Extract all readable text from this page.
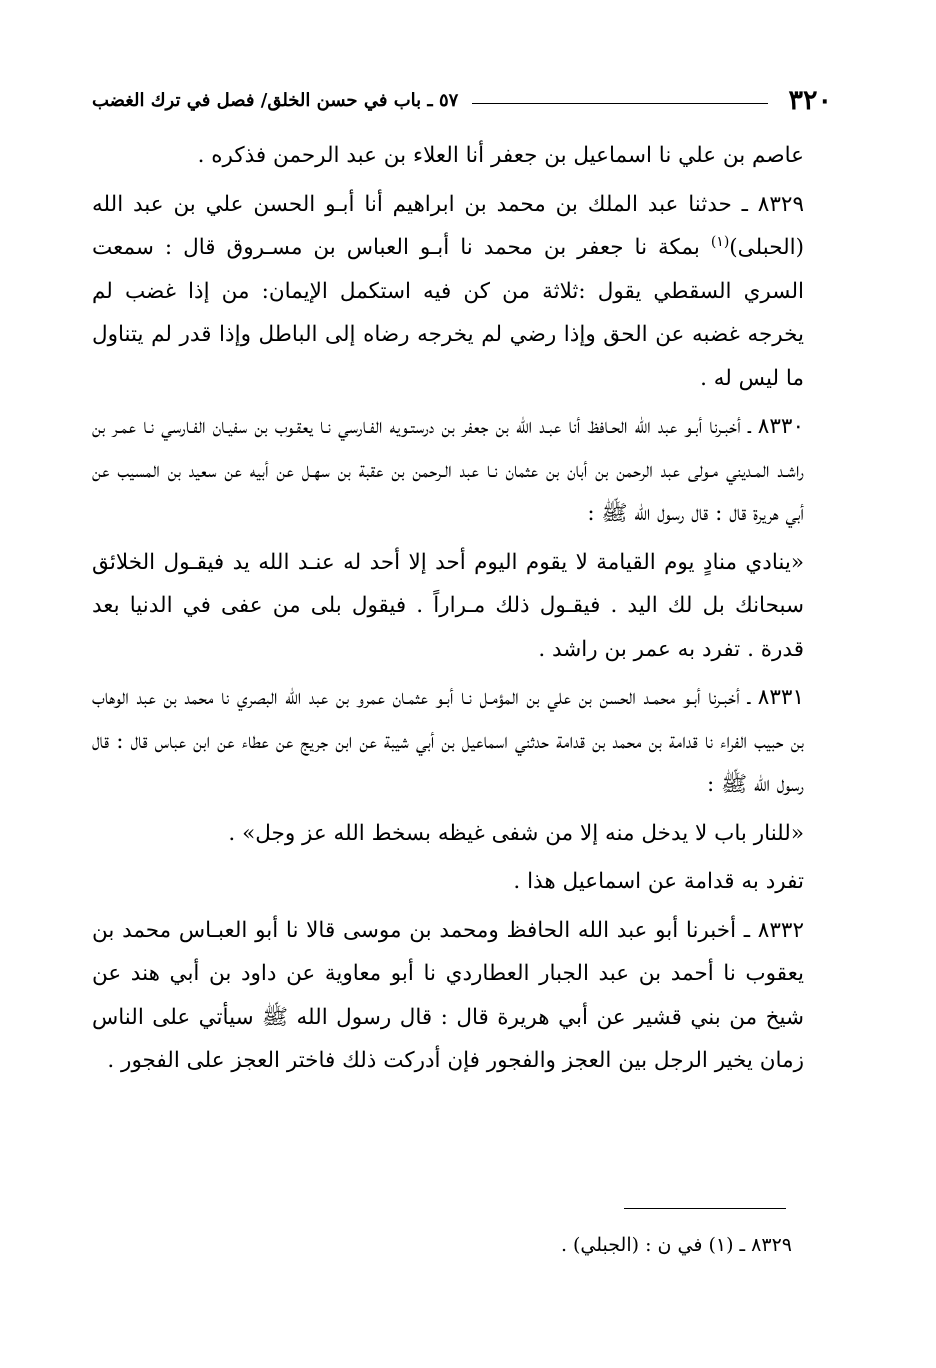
٣٢٠
٥٧ ـ باب في حسن الخلق/ فصل في ترك الغضب

عاصم بن علي نا اسماعيل بن جعفر أنا العلاء بن عبد الرحمن فذكره .

٨٣٢٩ ـ حدثنا عبد الملك بن محمد بن ابراهيم أنا أبـو الحسن علي بن عبد الله (الحبلى)$^{(١)}$ بمكة نا جعفر بن محمد نا أبـو العباس بن مسـروق قال : سمعت السري السقطي يقول :ثلاثة من كن فيه استكمل الإيمان: من إذا غضب لم يخرجه غضبه عن الحق وإذا رضي لم يخرجه رضاه إلى الباطل وإذا قدر لم يتناول ما ليس له .

٨٣٣٠ ـ أخبـرنا أبـو عبد الله الحـافظ أنا عبـد الله بن جعفر بن درستـويه الفـارسي نـا يعقـوب بن سفيـان الفـارسي نـا عمـر بن راشـد المـديني مـولى عبد الرحمن بن أبان بن عثمان نـا عبد الـرحمن بن عقبة بن سهـل عن أبيه عن سعيد بن المسيب عن أبي هريرة قال : قال رسول الله ﷺ :

«ينادي منادٍ يوم القيامة لا يقوم اليوم أحد إلا أحد له عنـد الله يد فيقـول الخلائق سبحانك بل لك اليد . فيقـول ذلك مـراراً . فيقول بلى من عفى في الدنيا بعد قدرة . تفرد به عمر بن راشد .

٨٣٣١ ـ أخبـرنا أبـو محمـد الحسن بن علي بن المؤمـل نـا أبـو عثمـان عمرو بن عبد الله البصري نا محمد بن عبد الوهاب بن حبيب الفراء نا قدامة بن محمد بن قدامة حدثني اسماعيل بن أبي شيبة عن ابن جريج عن عطاء عن ابن عباس قال : قال رسول الله ﷺ :

«للنار باب لا يدخل منه إلا من شفى غيظه بسخط الله عز وجل» .

تفرد به قدامة عن اسماعيل هذا .

٨٣٣٢ ـ أخبرنا أبو عبد الله الحافظ ومحمد بن موسى قالا نا أبو العبـاس محمد بن يعقوب نا أحمد بن عبد الجبار العطاردي نا أبو معاوية عن داود بن أبي هند عن شيخ من بني قشير عن أبي هريرة قال : قال رسول الله ﷺ سيأتي على الناس زمان يخير الرجل بين العجز والفجور فإن أدركت ذلك فاختر العجز على الفجور .

٨٣٢٩ ـ (١) في ن : (الجبلي) .
